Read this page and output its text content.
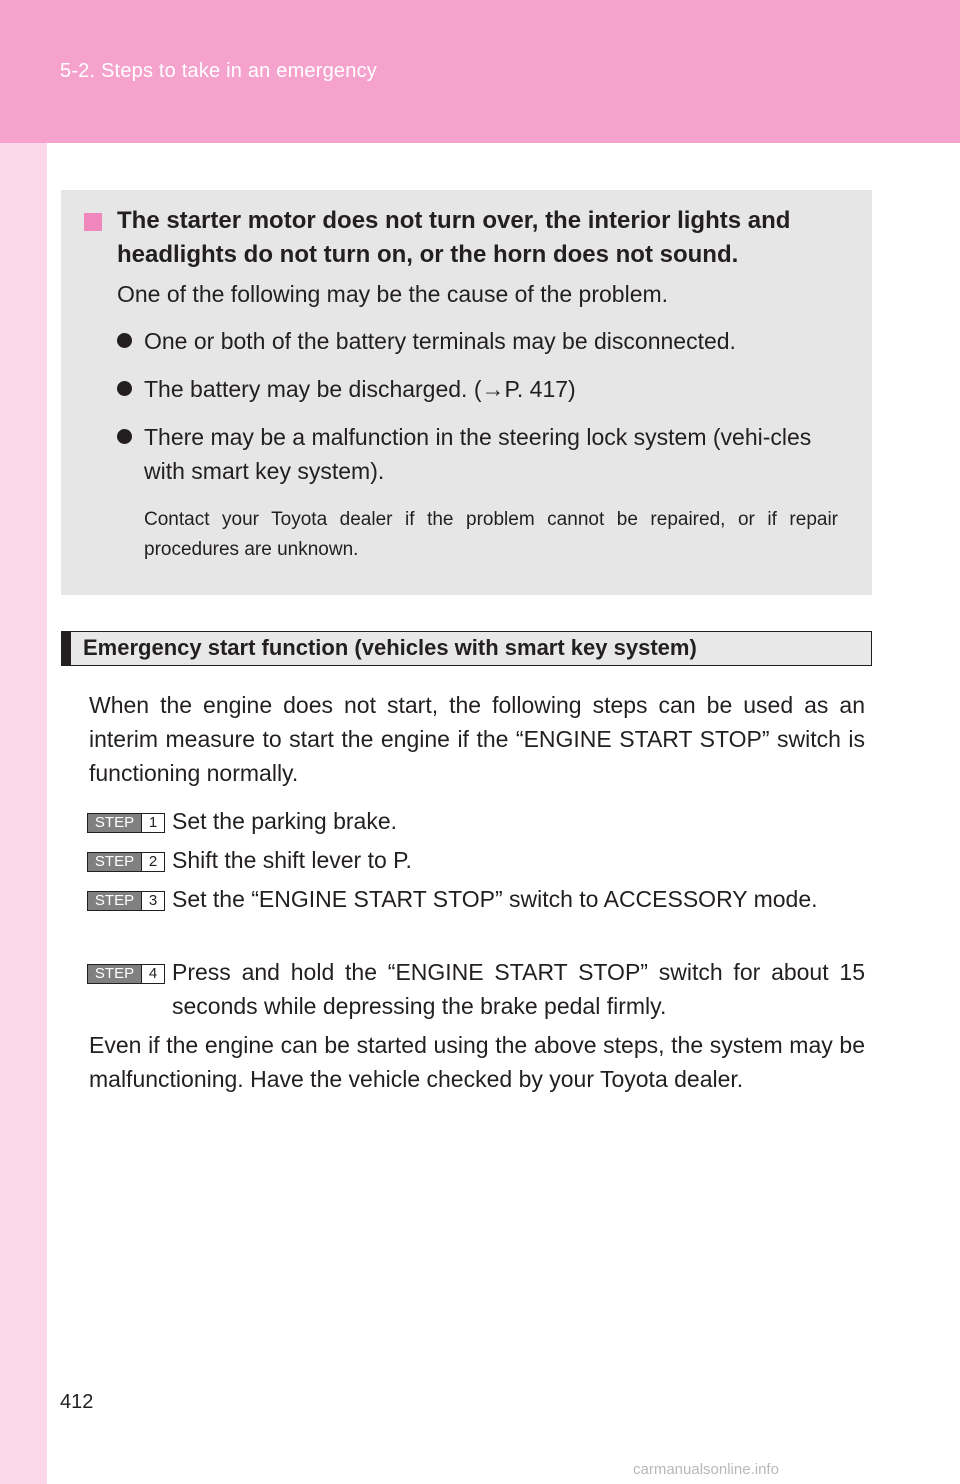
5-2. Steps to take in an emergency
The starter motor does not turn over, the interior lights and headlights do not turn on, or the horn does not sound.
One of the following may be the cause of the problem.
One or both of the battery terminals may be disconnected.
The battery may be discharged. (→P. 417)
There may be a malfunction in the steering lock system (vehi-cles with smart key system).
Contact your Toyota dealer if the problem cannot be repaired, or if repair procedures are unknown.
Emergency start function (vehicles with smart key system)
When the engine does not start, the following steps can be used as an interim measure to start the engine if the “ENGINE START STOP” switch is functioning normally.
STEP 1 Set the parking brake.
STEP 2 Shift the shift lever to P.
STEP 3 Set the “ENGINE START STOP” switch to ACCESSORY mode.
STEP 4 Press and hold the “ENGINE START STOP” switch for about 15 seconds while depressing the brake pedal firmly.
Even if the engine can be started using the above steps, the system may be malfunctioning. Have the vehicle checked by your Toyota dealer.
412
carmanualsonline.info
